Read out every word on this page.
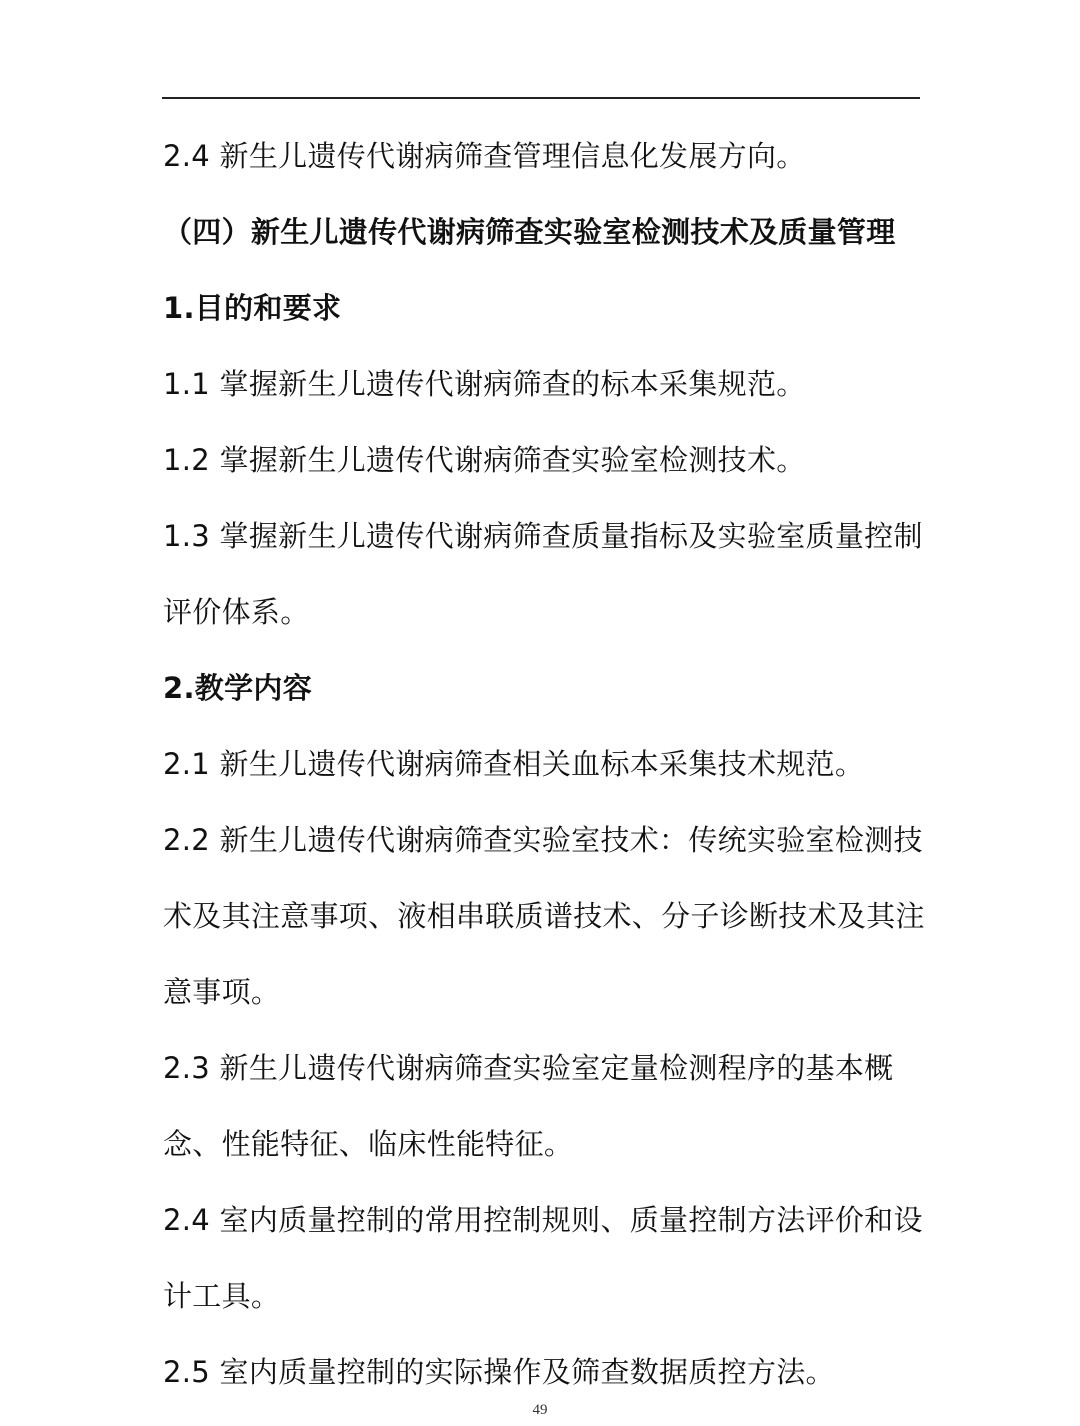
2.4 新生儿遗传代谢病筛查管理信息化发展方向。
（四）新生儿遗传代谢病筛查实验室检测技术及质量管理
1.目的和要求
1.1 掌握新生儿遗传代谢病筛查的标本采集规范。
1.2 掌握新生儿遗传代谢病筛查实验室检测技术。
1.3 掌握新生儿遗传代谢病筛查质量指标及实验室质量控制
评价体系。
2.教学内容
2.1 新生儿遗传代谢病筛查相关血标本采集技术规范。
2.2 新生儿遗传代谢病筛查实验室技术：传统实验室检测技
术及其注意事项、液相串联质谱技术、分子诊断技术及其注
意事项。
2.3 新生儿遗传代谢病筛查实验室定量检测程序的基本概
念、性能特征、临床性能特征。
2.4 室内质量控制的常用控制规则、质量控制方法评价和设
计工具。
2.5 室内质量控制的实际操作及筛查数据质控方法。
49
